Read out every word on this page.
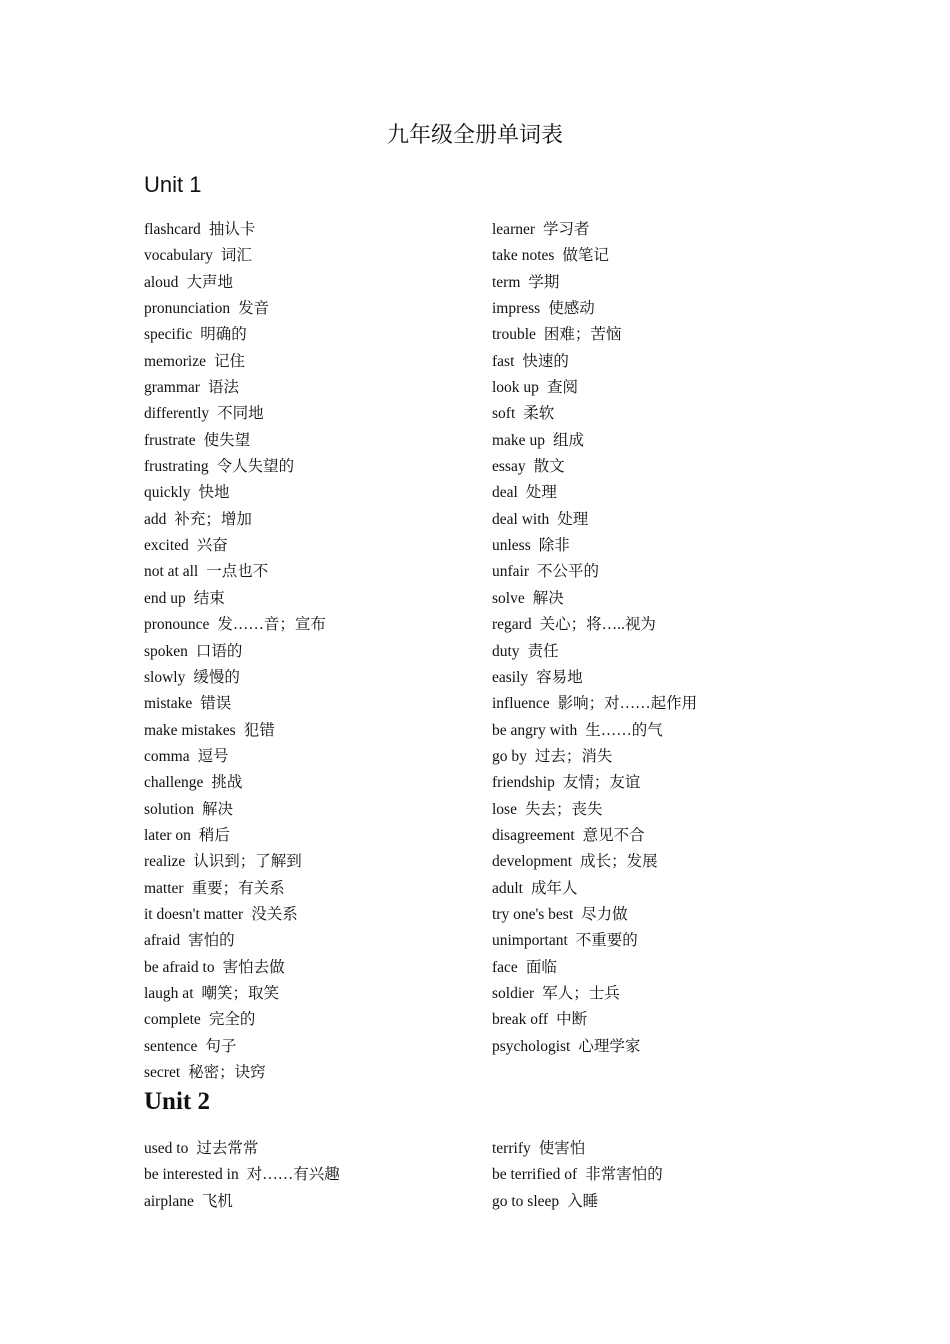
九年级全册单词表
Unit 1
flashcard 抽认卡
vocabulary 词汇
aloud 大声地
pronunciation 发音
specific 明确的
memorize 记住
grammar 语法
differently 不同地
frustrate 使失望
frustrating 令人失望的
quickly 快地
add 补充；增加
excited 兴奋
not at all 一点也不
end up 结束
pronounce 发……音；宣布
spoken 口语的
slowly 缓慢的
mistake 错误
make mistakes 犯错
comma 逗号
challenge 挑战
solution 解决
later on 稍后
realize 认识到；了解到
matter 重要；有关系
it doesn't matter 没关系
afraid 害怕的
be afraid to 害怕去做
laugh at 嘲笑；取笑
complete 完全的
sentence 句子
secret 秘密；诀窍
learner 学习者
take notes 做笔记
term 学期
impress 使感动
trouble 困难；苦恼
fast 快速的
look up 查阅
soft 柔软
make up 组成
essay 散文
deal 处理
deal with 处理
unless 除非
unfair 不公平的
solve 解决
regard 关心；将…..视为
duty 责任
easily 容易地
influence 影响；对……起作用
be angry with 生……的气
go by 过去；消失
friendship 友情；友谊
lose 失去；丧失
disagreement 意见不合
development 成长；发展
adult 成年人
try one's best 尽力做
unimportant 不重要的
face 面临
soldier 军人；士兵
break off 中断
psychologist 心理学家
Unit 2
used to 过去常常
be interested in 对……有兴趣
airplane 飞机
terrify 使害怕
be terrified of 非常害怕的
go to sleep 入睡
